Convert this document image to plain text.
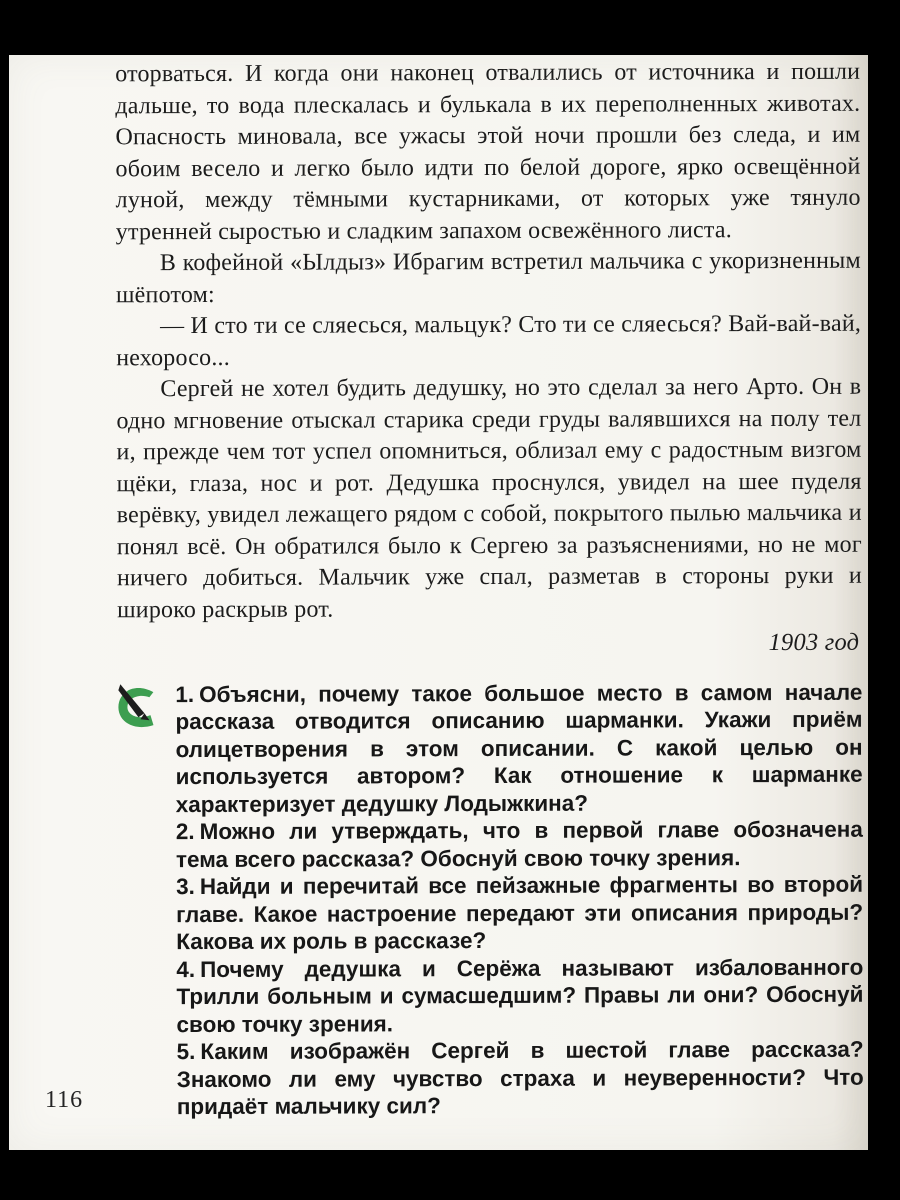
оторваться. И когда они наконец отвалились от источника и пошли дальше, то вода плескалась и булькала в их переполненных животах. Опасность миновала, все ужасы этой ночи прошли без следа, и им обоим весело и легко было идти по белой дороге, ярко освещённой луной, между тёмными кустарниками, от которых уже тянуло утренней сыростью и сладким запахом освежённого листа.

В кофейной «Ылдыз» Ибрагим встретил мальчика с укоризненным шёпотом:

— И сто ти се сляесься, мальцук? Сто ти се сляесься? Вай-вай-вай, нехоросо...

Сергей не хотел будить дедушку, но это сделал за него Арто. Он в одно мгновение отыскал старика среди груды валявшихся на полу тел и, прежде чем тот успел опомниться, облизал ему с радостным визгом щёки, глаза, нос и рот. Дедушка проснулся, увидел на шее пуделя верёвку, увидел лежащего рядом с собой, покрытого пылью мальчика и понял всё. Он обратился было к Сергею за разъяснениями, но не мог ничего добиться. Мальчик уже спал, разметав в стороны руки и широко раскрыв рот.

1903 год

1. Объясни, почему такое большое место в самом начале рассказа отводится описанию шарманки. Укажи приём олицетворения в этом описании. С какой целью он используется автором? Как отношение к шарманке характеризует дедушку Лодыжкина?

2. Можно ли утверждать, что в первой главе обозначена тема всего рассказа? Обоснуй свою точку зрения.

3. Найди и перечитай все пейзажные фрагменты во второй главе. Какое настроение передают эти описания природы? Какова их роль в рассказе?

4. Почему дедушка и Серёжа называют избалованного Трилли больным и сумасшедшим? Правы ли они? Обоснуй свою точку зрения.

5. Каким изображён Сергей в шестой главе рассказа? Знакомо ли ему чувство страха и неуверенности? Что придаёт мальчику сил?

116
